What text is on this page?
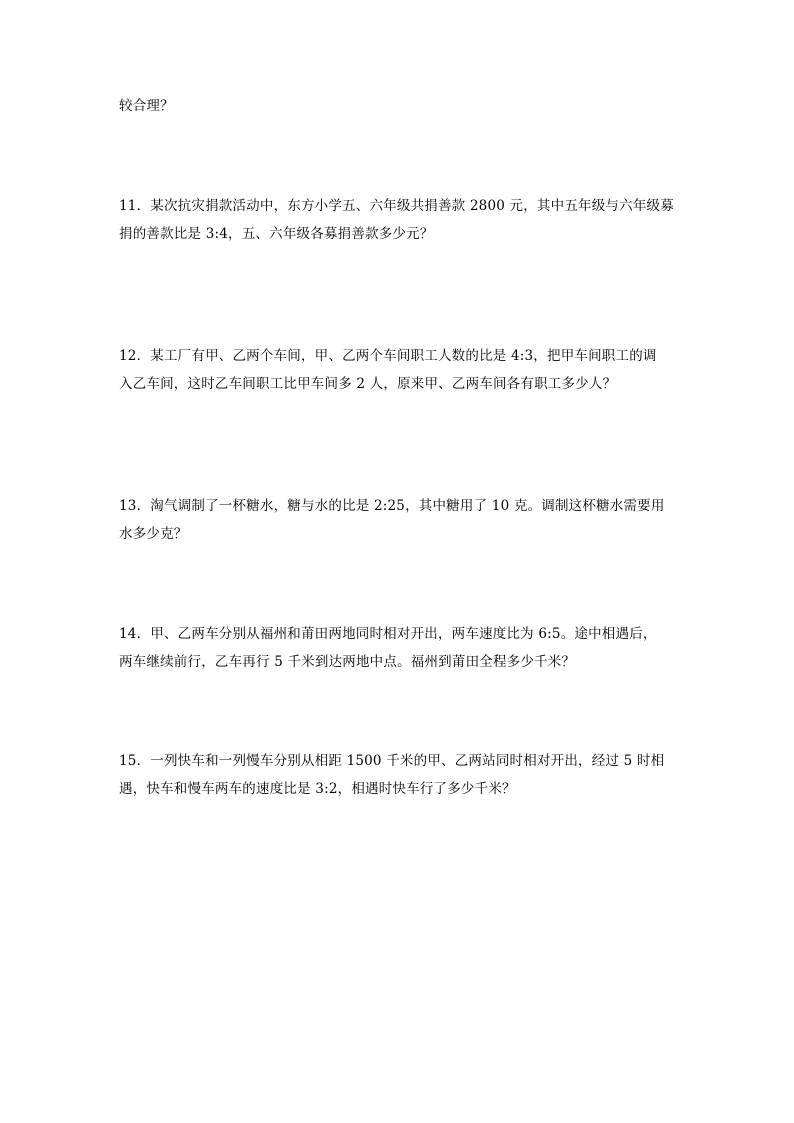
较合理？
11．某次抗灾捐款活动中，东方小学五、六年级共捐善款 2800 元，其中五年级与六年级募
捐的善款比是 3:4，五、六年级各募捐善款多少元？
12．某工厂有甲、乙两个车间，甲、乙两个车间职工人数的比是 4:3，把甲车间职工的调
入乙车间，这时乙车间职工比甲车间多 2 人，原来甲、乙两车间各有职工多少人？
13．淘气调制了一杯糖水，糖与水的比是 2:25，其中糖用了 10 克。调制这杯糖水需要用
水多少克？
14．甲、乙两车分别从福州和莆田两地同时相对开出，两车速度比为 6:5。途中相遇后，
两车继续前行，乙车再行 5 千米到达两地中点。福州到莆田全程多少千米？
15．一列快车和一列慢车分别从相距 1500 千米的甲、乙两站同时相对开出，经过 5 时相
遇，快车和慢车两车的速度比是 3:2，相遇时快车行了多少千米？
